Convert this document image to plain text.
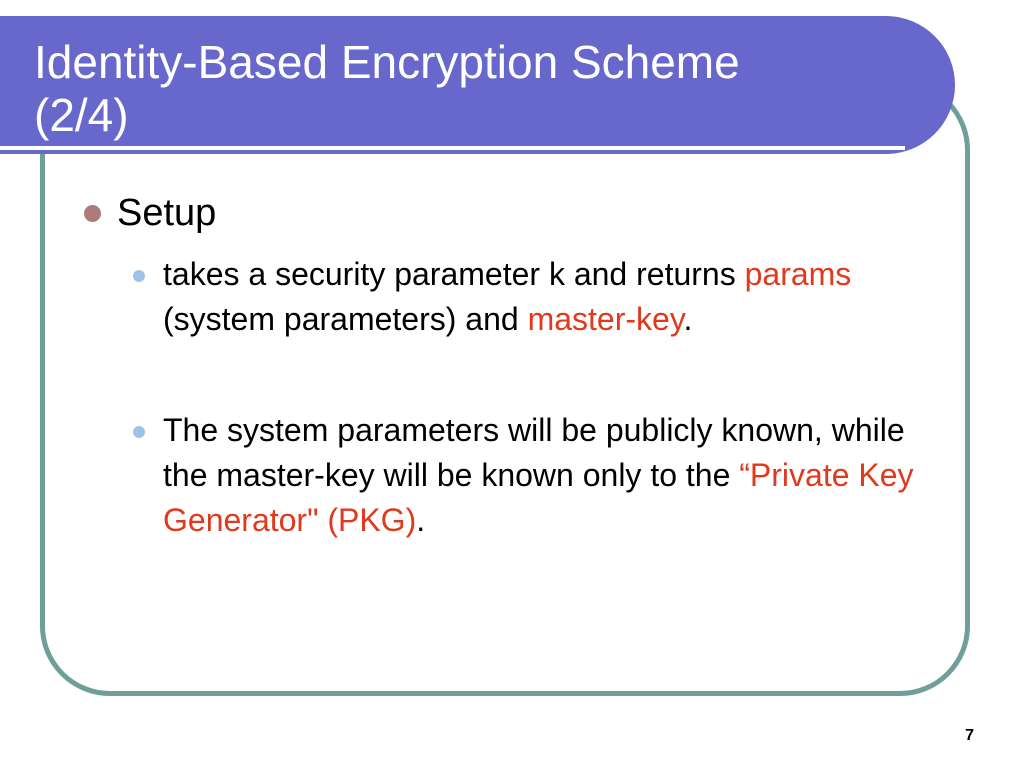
Identity-Based Encryption Scheme
(2/4)
Setup
takes a security parameter k and returns params (system parameters) and master-key.
The system parameters will be publicly known, while the master-key will be known only to the “Private Key Generator" (PKG).
7
